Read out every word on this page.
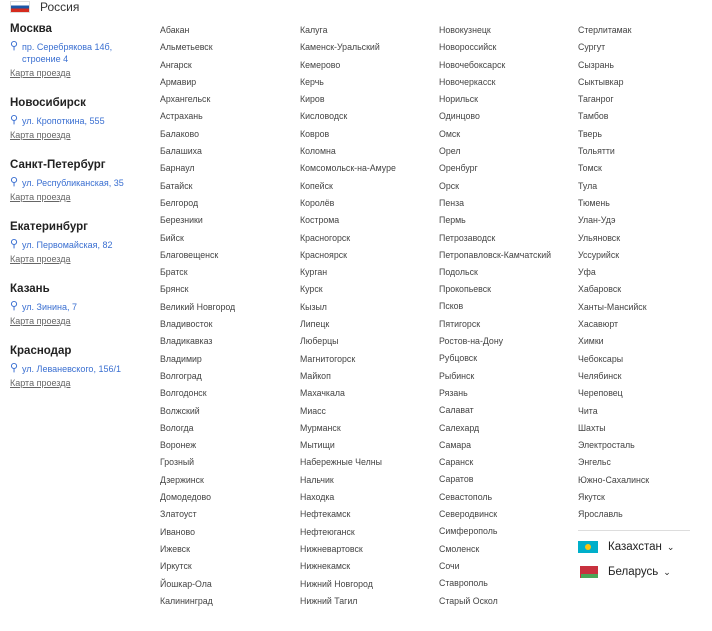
Россия

Москва

⚲ пр. Серебрякова 14б, строение 4
Карта проезда

Новосибирск

⚲ ул. Кропоткина, 555
Карта проезда

Санкт-Петербург

⚲ ул. Республиканская, 35
Карта проезда

Екатеринбург

⚲ ул. Первомайская, 82
Карта проезда

Казань

⚲ ул. Зинина, 7
Карта проезда

Краснодар

⚲ ул. Леваневского, 156/1
Карта проезда
Абакан
Альметьевск
Ангарск
Армавир
Архангельск
Астрахань
Балаково
Балашиха
Барнаул
Батайск
Белгород
Березники
Бийск
Благовещенск
Братск
Брянск
Великий Новгород
Владивосток
Владикавказ
Владимир
Волгоград
Волгодонск
Волжский
Вологда
Воронеж
Грозный
Дзержинск
Домодедово
Златоуст
Иваново
Ижевск
Иркутск
Йошкар-Ола
Калининград
Калуга
Каменск-Уральский
Кемерово
Керчь
Киров
Кисловодск
Ковров
Коломна
Комсомольск-на-Амуре
Копейск
Королёв
Кострома
Красногорск
Красноярск
Курган
Курск
Кызыл
Липецк
Люберцы
Магнитогорск
Майкоп
Махачкала
Миасс
Мурманск
Мытищи
Набережные Челны
Нальчик
Находка
Нефтекамск
Нефтеюганск
Нижневартовск
Нижнекамск
Нижний Новгород
Нижний Тагил
Новокузнецк
Новороссийск
Новочебоксарск
Новочеркасск
Норильск
Одинцово
Омск
Орел
Оренбург
Орск
Пенза
Пермь
Петрозаводск
Петропавловск-Камчатский
Подольск
Прокопьевск
Псков
Пятигорск
Ростов-на-Дону
Рубцовск
Рыбинск
Рязань
Салават
Салехард
Самара
Саранск
Саратов
Севастополь
Северодвинск
Симферополь
Смоленск
Сочи
Ставрополь
Старый Оскол
Стерлитамак
Сургут
Сызрань
Сыктывкар
Таганрог
Тамбов
Тверь
Тольятти
Томск
Тула
Тюмень
Улан-Удэ
Ульяновск
Уссурийск
Уфа
Хабаровск
Ханты-Мансийск
Хасавюрт
Химки
Чебоксары
Челябинск
Череповец
Чита
Шахты
Электросталь
Энгельс
Южно-Сахалинск
Якутск
Ярославль
Казахстан ⌄
Беларусь ⌄
